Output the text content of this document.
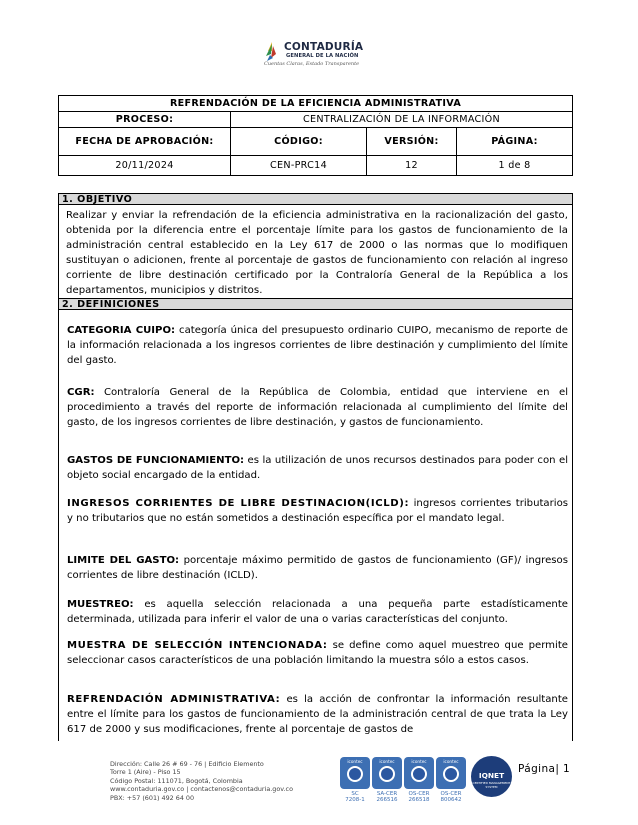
CONTADURÍA
GENERAL DE LA NACIÓN
Cuentas Claras, Estado Transparente
REFRENDACIÓN DE LA EFICIENCIA ADMINISTRATIVA			
PROCESO:	CENTRALIZACIÓN DE LA INFORMACIÓN		
FECHA DE APROBACIÓN:	CÓDIGO:	VERSIÓN:	PÁGINA:
20/11/2024	CEN-PRC14	12	1 de 8
1. OBJETIVO
Realizar y enviar la refrendación de la eficiencia administrativa en la racionalización del gasto, obtenida por la diferencia entre el porcentaje límite para los gastos de funcionamiento de la administración central establecido en la Ley 617 de 2000 o las normas que lo modifiquen sustituyan o adicionen, frente al porcentaje de gastos de funcionamiento con relación al ingreso corriente de libre destinación certificado por la Contraloría General de la República a los departamentos, municipios y distritos.
2. DEFINICIONES
CATEGORIA CUIPO: categoría única del presupuesto ordinario CUIPO, mecanismo de reporte de la información relacionada a los ingresos corrientes de libre destinación y cumplimiento del límite del gasto.
CGR: Contraloría General de la República de Colombia, entidad que interviene en el procedimiento a través del reporte de información relacionada al cumplimiento del límite del gasto, de los ingresos corrientes de libre destinación, y gastos de funcionamiento.
GASTOS DE FUNCIONAMIENTO: es la utilización de unos recursos destinados para poder con el objeto social encargado de la entidad.
INGRESOS CORRIENTES DE LIBRE DESTINACION(ICLD): ingresos corrientes tributarios y no tributarios que no están sometidos a destinación específica por el mandato legal.
LIMITE DEL GASTO: porcentaje máximo permitido de gastos de funcionamiento (GF)/ ingresos corrientes de libre destinación (ICLD).
MUESTREO: es aquella selección relacionada a una pequeña parte estadísticamente determinada, utilizada para inferir el valor de una o varias características del conjunto.
MUESTRA DE SELECCIÓN INTENCIONADA: se define como aquel muestreo que permite seleccionar casos característicos de una población limitando la muestra sólo a estos casos.
REFRENDACIÓN ADMINISTRATIVA: es la acción de confrontar la información resultante entre el límite para los gastos de funcionamiento de la administración central de que trata la Ley 617 de 2000 y sus modificaciones, frente al porcentaje de gastos de
Dirección: Calle 26 # 69 - 76 | Edificio Elemento
Torre 1 (Aire) - Piso 15
Código Postal: 111071, Bogotá, Colombia
www.contaduria.gov.co | contactenos@contaduria.gov.co
PBX: +57 (601) 492 64 00
icontec
SC
7208-1
icontec
SA-CER
266516
icontec
OS-CER
266518
icontec
OS-CER
800642
IQNET
CERTIFIED MANAGEMENT SYSTEM
Página| 1
